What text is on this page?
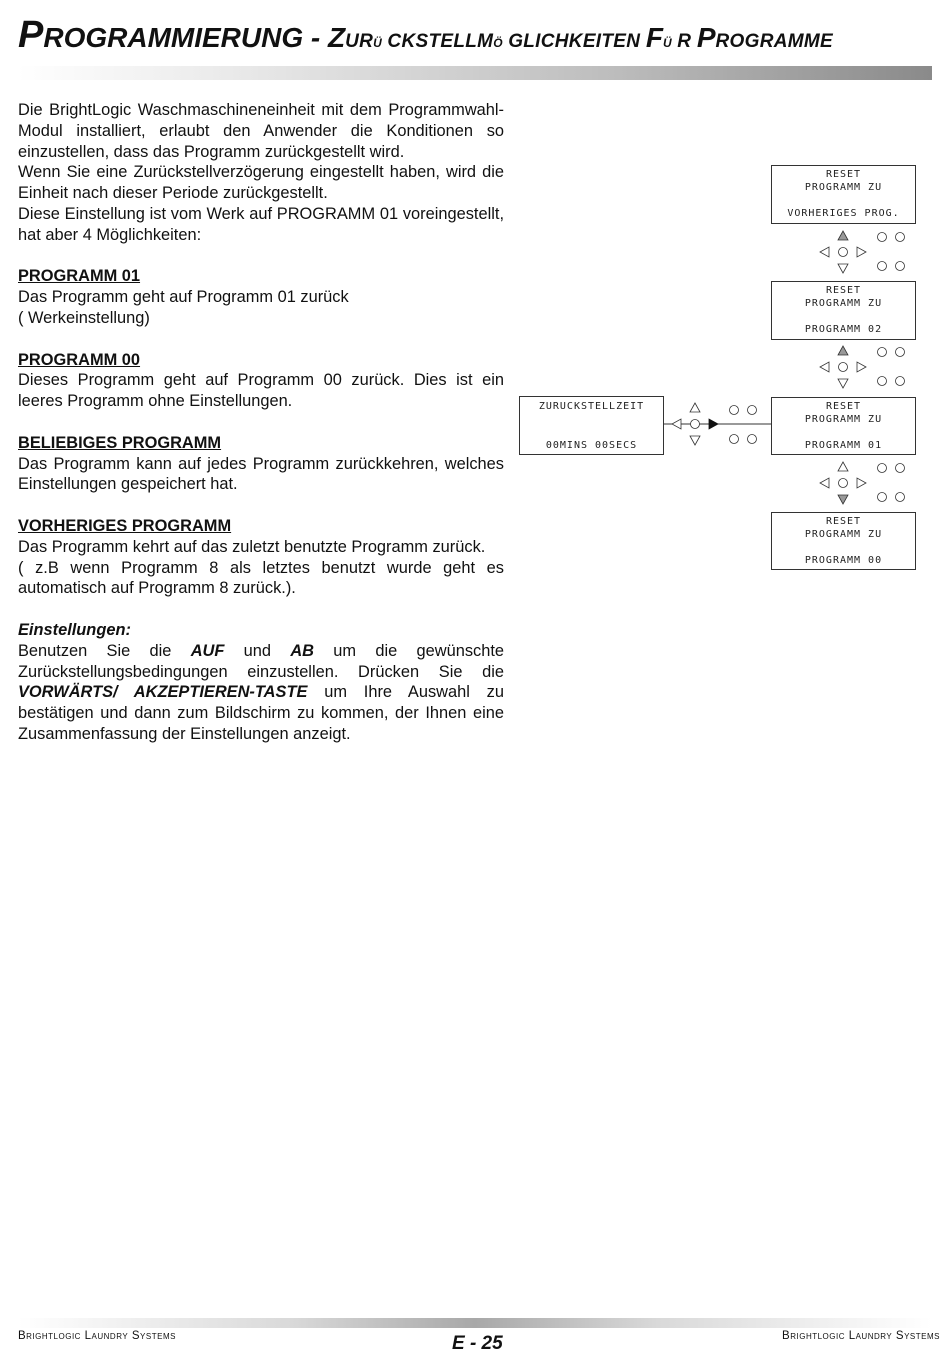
PROGRAMMIERUNG - ZURÜ CKSTELLMÖ GLICHKEITEN FÜ R PROGRAMME

Die BrightLogic Waschmaschineneinheit mit dem Programmwahl-Modul installiert, erlaubt den Anwender die Konditionen so einzustellen, dass das Programm zurückgestellt wird.

Wenn Sie eine Zurückstellverzögerung eingestellt haben, wird die Einheit nach dieser Periode zurückgestellt.

Diese Einstellung ist vom Werk auf PROGRAMM 01 voreingestellt, hat aber 4 Möglichkeiten:

PROGRAMM 01

Das Programm geht auf Programm 01 zurück

( Werkeinstellung)

PROGRAMM 00

Dieses Programm geht auf Programm 00 zurück. Dies ist ein leeres Programm ohne Einstellungen.

BELIEBIGES PROGRAMM

Das Programm kann auf jedes Programm zurückkehren, welches Einstellungen gespeichert hat.

VORHERIGES PROGRAMM

Das Programm kehrt auf das zuletzt benutzte Programm zurück.

( z.B wenn Programm 8 als letztes benutzt wurde geht es automatisch auf Programm 8 zurück.).

Einstellungen:

Benutzen Sie die AUF und AB um die gewünschte Zurückstellungsbedingungen einzustellen. Drücken Sie die VORWÄRTS/ AKZEPTIEREN-TASTE um Ihre Auswahl zu bestätigen und dann zum Bildschirm zu kommen, der Ihnen eine Zusammenfassung der Einstellungen anzeigt.

RESET
PROGRAMM ZU
VORHERIGES PROG.
RESET
PROGRAMM ZU
PROGRAMM 02
RESET
PROGRAMM ZU
PROGRAMM 01
RESET
PROGRAMM ZU
PROGRAMM 00
ZURUCKSTELLZEIT
00MINS 00SECS
Brightlogic Laundry Systems	E - 25	Brightlogic Laundry Systems
